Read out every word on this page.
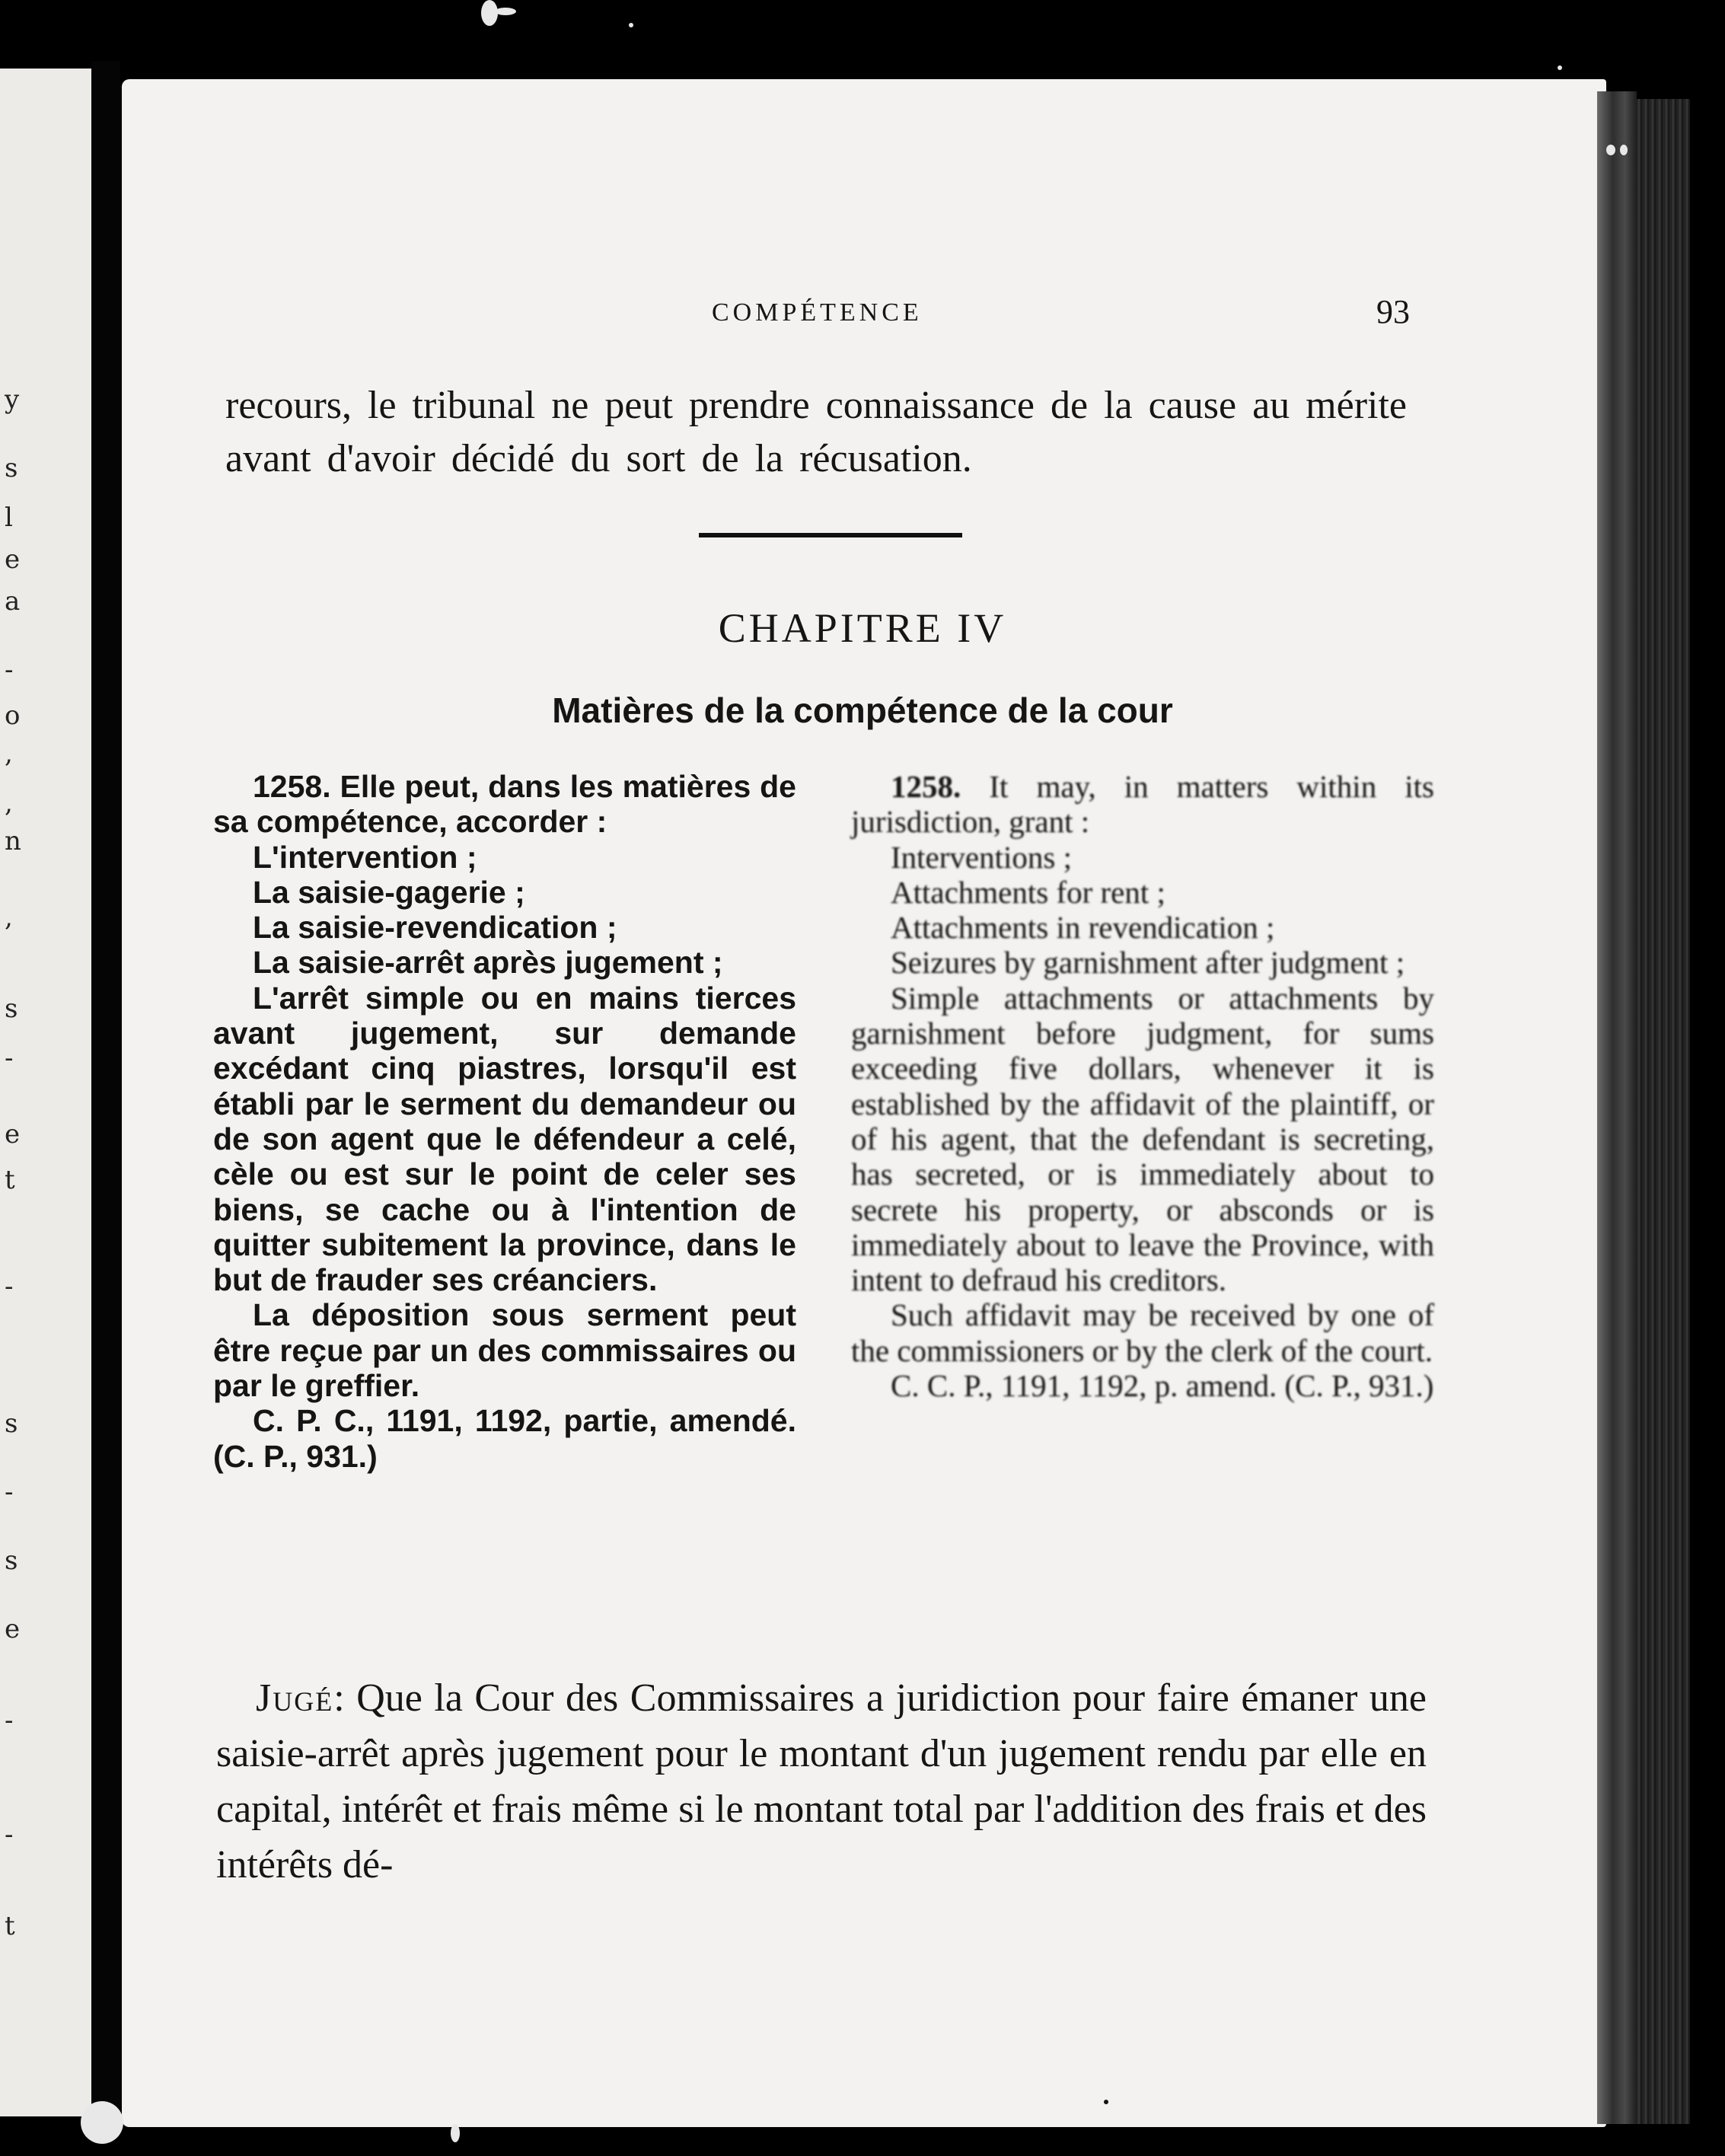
y
s
l
e
a
-
o
,
,
n
,
s
-
e
t
-
s
-
s
e
-
-
t
COMPÉTENCE	93
recours, le tribunal ne peut prendre connaissance de la cause au mérite avant d'avoir décidé du sort de la récusation.
CHAPITRE IV
Matières de la compétence de la cour

1258. Elle peut, dans les matières de sa compétence, accorder :

L'intervention ;

La saisie-gagerie ;

La saisie-revendication ;

La saisie-arrêt après jugement ;

L'arrêt simple ou en mains tierces avant jugement, sur demande excédant cinq piastres, lorsqu'il est établi par le serment du demandeur ou de son agent que le défendeur a celé, cèle ou est sur le point de celer ses biens, se cache ou à l'intention de quitter subitement la province, dans le but de frauder ses créanciers.

La déposition sous serment peut être reçue par un des commissaires ou par le greffier.

C. P. C., 1191, 1192, partie, amendé. (C. P., 931.)

1258. It may, in matters within its jurisdiction, grant :

Interventions ;

Attachments for rent ;

Attachments in revendication ;

Seizures by garnishment after judgment ;

Simple attachments or attachments by garnishment before judgment, for sums exceeding five dollars, whenever it is established by the affidavit of the plaintiff, or of his agent, that the defendant is secreting, has secreted, or is immediately about to secrete his property, or absconds or is immediately about to leave the Province, with intent to defraud his creditors.

Such affidavit may be received by one of the commissioners or by the clerk of the court.

C. C. P., 1191, 1192, p. amend. (C. P., 931.)

Jugé: Que la Cour des Commissaires a juridiction pour faire émaner une saisie-arrêt après jugement pour le montant d'un jugement rendu par elle en capital, intérêt et frais même si le montant total par l'addition des frais et des intérêts dé-
